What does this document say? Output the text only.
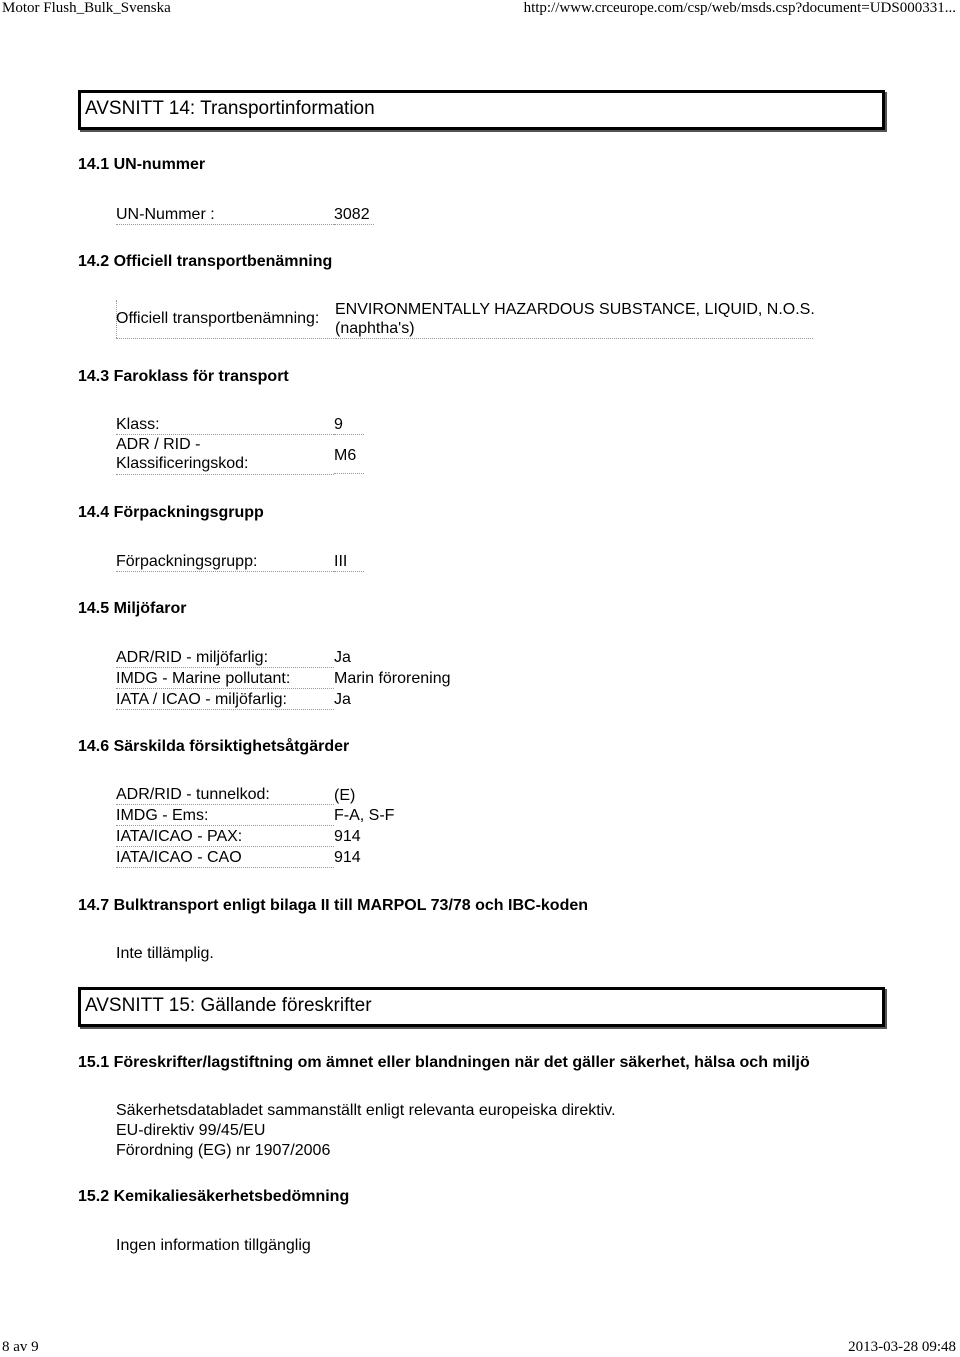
Motor Flush_Bulk_Svenska	http://www.crceurope.com/csp/web/msds.csp?document=UDS000331...
AVSNITT 14: Transportinformation
14.1 UN-nummer
UN-Nummer :	3082
14.2 Officiell transportbenämning
Officiell transportbenämning:
ENVIRONMENTALLY HAZARDOUS SUBSTANCE, LIQUID, N.O.S.
(naphtha's)
14.3 Faroklass för transport
Klass:	9
ADR / RID -
Klassificeringskod:	M6
14.4 Förpackningsgrupp
Förpackningsgrupp:	III
14.5 Miljöfaror
ADR/RID - miljöfarlig:	Ja
IMDG - Marine pollutant:	Marin förorening
IATA / ICAO - miljöfarlig:	Ja
14.6 Särskilda försiktighetsåtgärder
ADR/RID - tunnelkod:	(E)
IMDG - Ems:	F-A, S-F
IATA/ICAO - PAX:	914
IATA/ICAO - CAO	914
14.7 Bulktransport enligt bilaga II till MARPOL 73/78 och IBC-koden
Inte tillämplig.
AVSNITT 15: Gällande föreskrifter
15.1 Föreskrifter/lagstiftning om ämnet eller blandningen när det gäller säkerhet, hälsa och miljö
Säkerhetsdatabladet sammanställt enligt relevanta europeiska direktiv.
EU-direktiv 99/45/EU
Förordning (EG) nr 1907/2006
15.2 Kemikaliesäkerhetsbedömning
Ingen information tillgänglig
8 av 9	2013-03-28 09:48
